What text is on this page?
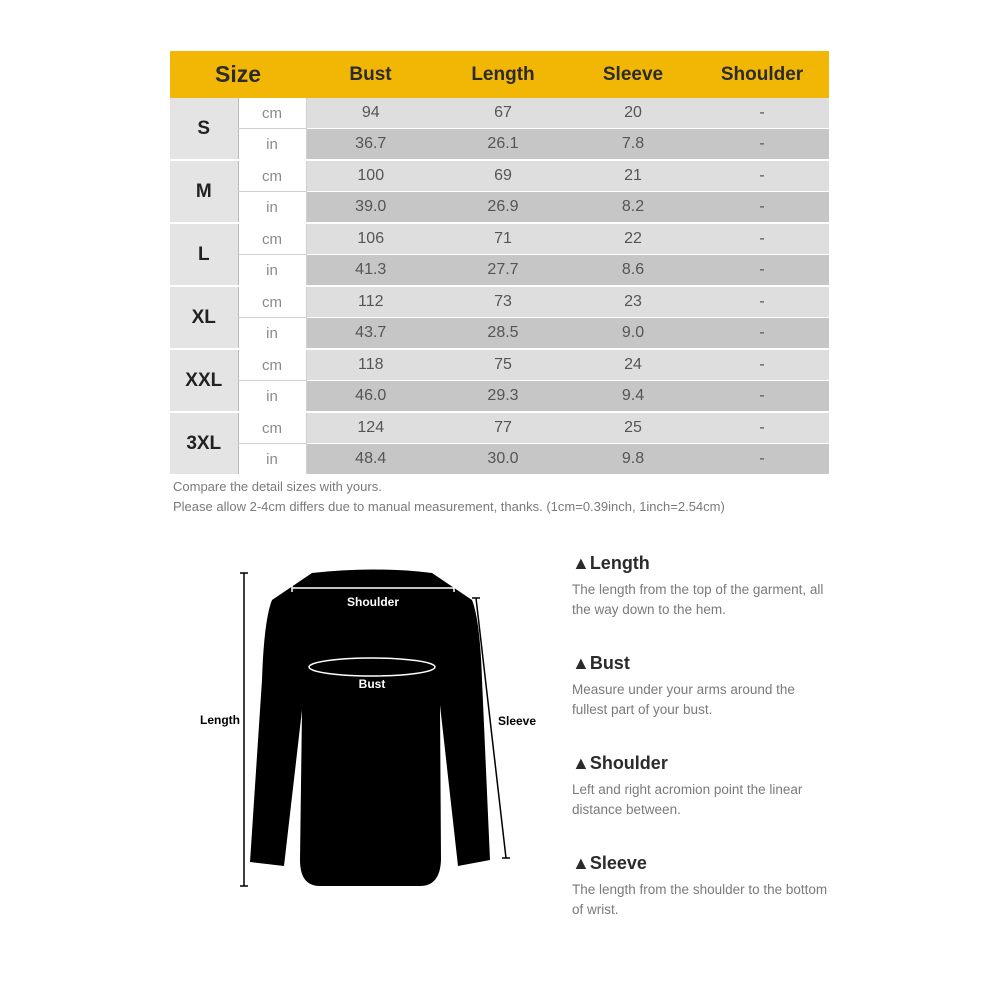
Size		Bust	Length	Sleeve	Shoulder
S	cm	94	67	20	-
	in	36.7	26.1	7.8	-
M	cm	100	69	21	-
	in	39.0	26.9	8.2	-
L	cm	106	71	22	-
	in	41.3	27.7	8.6	-
XL	cm	112	73	23	-
	in	43.7	28.5	9.0	-
XXL	cm	118	75	24	-
	in	46.0	29.3	9.4	-
3XL	cm	124	77	25	-
	in	48.4	30.0	9.8	-
Compare the detail sizes with yours.
Please allow 2-4cm differs due to manual measurement, thanks. (1cm=0.39inch, 1inch=2.54cm)
Shoulder
Bust
Length	Sleeve
▲Length
The length from the top of the garment, all the way down to the hem.
▲Bust
Measure under your arms around the fullest part of your bust.
▲Shoulder
Left and right acromion point the linear distance between.
▲Sleeve
The length from the shoulder to the bottom of wrist.
